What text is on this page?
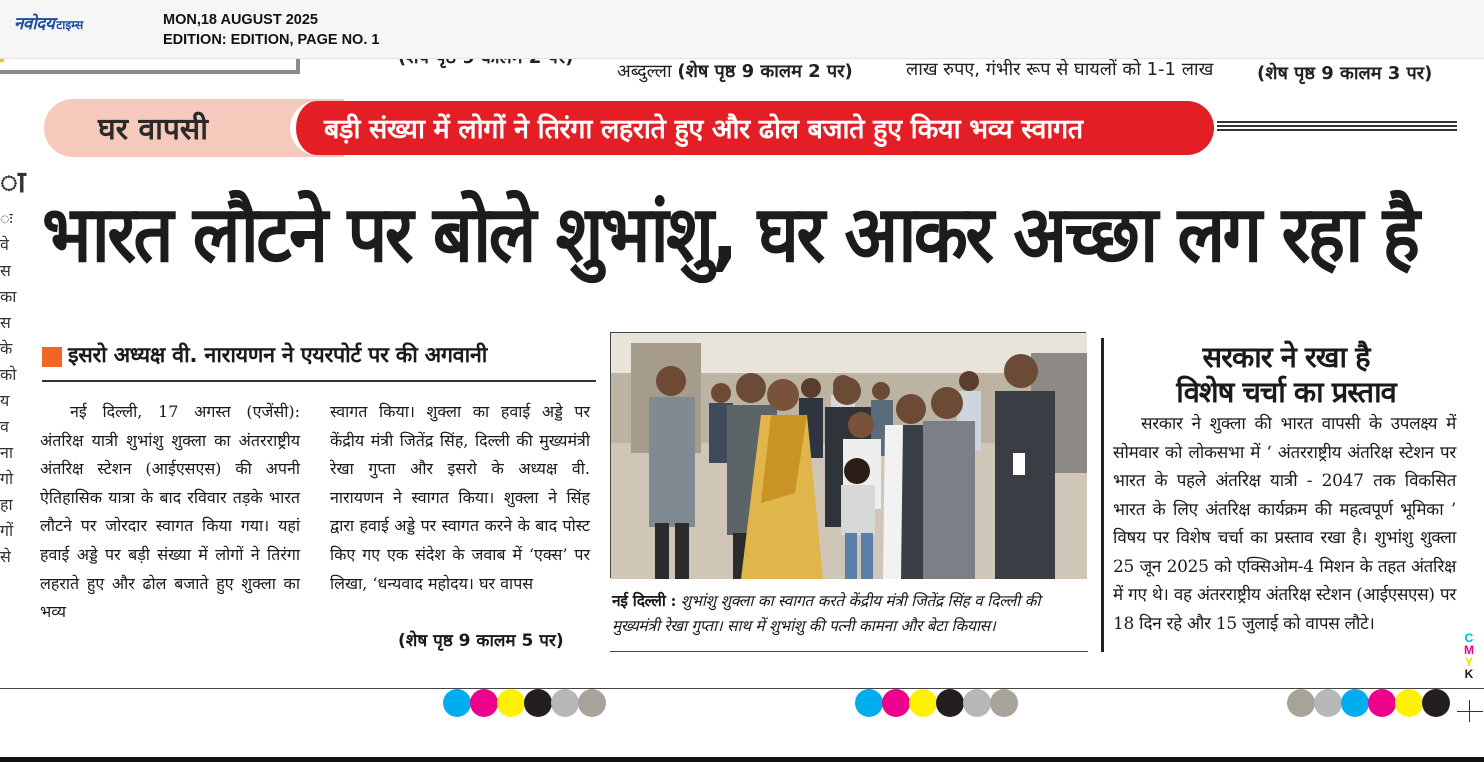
नवोदय टाइम्स	MON,18 AUGUST 2025
EDITION: EDITION, PAGE NO. 1
अब्दुल्ला (शेष पृष्ठ 9 कालम 2 पर)	लाख रुपए, गंभीर रूप से घायलों को 1-1 लाख (शेष पृष्ठ 9 कालम 3 पर)
ा
ः
वे
स
का
स
के
को
य
व
ना
गो
हा
गों
से
घर वापसी	बड़ी संख्या में लोगों ने तिरंगा लहराते हुए और ढोल बजाते हुए किया भव्य स्वागत
भारत लौटने पर बोले शुभांशु, घर आकर अच्छा लग रहा है
इसरो अध्यक्ष वी. नारायणन ने एयरपोर्ट पर की अगवानी
नई दिल्ली, 17 अगस्त (एजेंसी): अंतरिक्ष यात्री शुभांशु शुक्ला का अंतरराष्ट्रीय अंतरिक्ष स्टेशन (आईएसएस) की अपनी ऐतिहासिक यात्रा के बाद रविवार तड़के भारत लौटने पर जोरदार स्वागत किया गया। यहां हवाई अड्डे पर बड़ी संख्या में लोगों ने तिरंगा लहराते हुए और ढोल बजाते हुए शुक्ला का भव्य
स्वागत किया। शुक्ला का हवाई अड्डे पर केंद्रीय मंत्री जितेंद्र सिंह, दिल्ली की मुख्यमंत्री रेखा गुप्ता और इसरो के अध्यक्ष वी. नारायणन ने स्वागत किया। शुक्ला ने सिंह द्वारा हवाई अड्डे पर स्वागत करने के बाद पोस्ट किए गए एक संदेश के जवाब में ‘एक्स’ पर लिखा, ‘धन्यवाद महोदय। घर वापस
(शेष पृष्ठ 9 कालम 5 पर)
नई दिल्ली : शुभांशु शुक्ला का स्वागत करते केंद्रीय मंत्री जितेंद्र सिंह व दिल्ली की मुख्यमंत्री रेखा गुप्ता। साथ में शुभांशु की पत्नी कामना और बेटा कियास।
सरकार ने रखा है
विशेष चर्चा का प्रस्ताव
सरकार ने शुक्ला की भारत वापसी के उपलक्ष्य में सोमवार को लोकसभा में ‘ अंतरराष्ट्रीय अंतरिक्ष स्टेशन पर भारत के पहले अंतरिक्ष यात्री - 2047 तक विकसित भारत के लिए अंतरिक्ष कार्यक्रम की महत्वपूर्ण भूमिका ’ विषय पर विशेष चर्चा का प्रस्ताव रखा है। शुभांशु शुक्ला 25 जून 2025 को एक्सिओम-4 मिशन के तहत अंतरिक्ष में गए थे। वह अंतरराष्ट्रीय अंतरिक्ष स्टेशन (आईएसएस) पर 18 दिन रहे और 15 जुलाई को वापस लौटे।
C
M
Y
K
